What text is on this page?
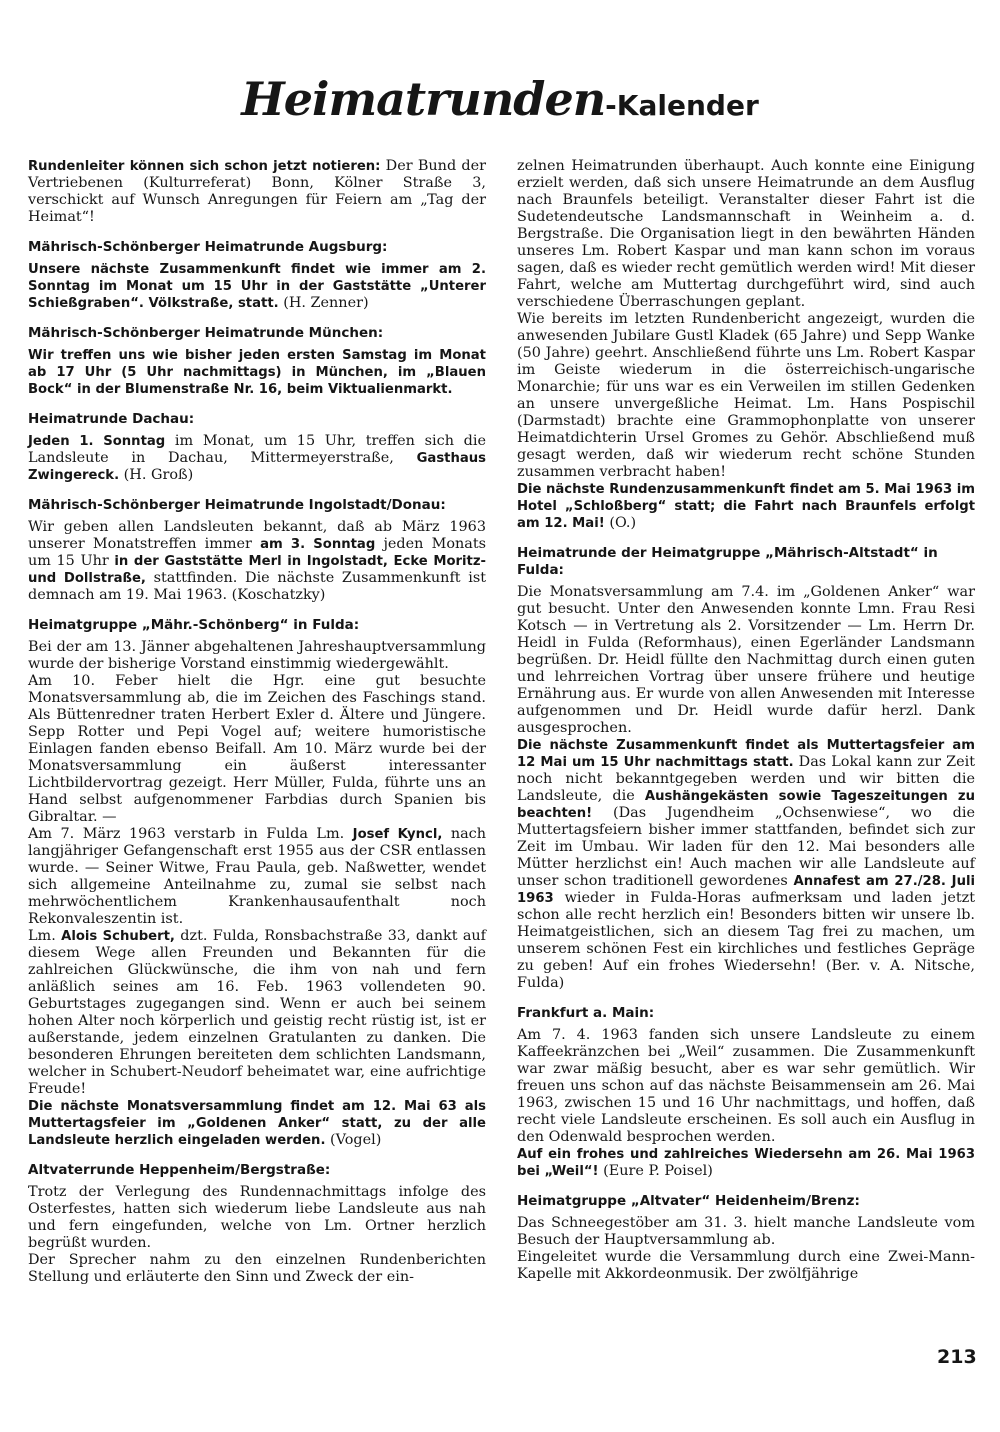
Heimatrunden-Kalender

Rundenleiter können sich schon jetzt notieren: Der Bund der Vertriebenen (Kulturreferat) Bonn, Kölner Straße 3, verschickt auf Wunsch Anregungen für Feiern am „Tag der Heimat“!

Mährisch-Schönberger Heimatrunde Augsburg:

Unsere nächste Zusammenkunft findet wie immer am 2. Sonntag im Monat um 15 Uhr in der Gaststätte „Unterer Schießgraben“. Völkstraße, statt. (H. Zenner)

Mährisch-Schönberger Heimatrunde München:

Wir treffen uns wie bisher jeden ersten Samstag im Monat ab 17 Uhr (5 Uhr nachmittags) in München, im „Blauen Bock“ in der Blumenstraße Nr. 16, beim Viktualienmarkt.

Heimatrunde Dachau:

Jeden 1. Sonntag im Monat, um 15 Uhr, treffen sich die Landsleute in Dachau, Mittermeyerstraße, Gasthaus Zwingereck. (H. Groß)

Mährisch-Schönberger Heimatrunde Ingolstadt/Donau:

Wir geben allen Landsleuten bekannt, daß ab März 1963 unserer Monatstreffen immer am 3. Sonntag jeden Monats um 15 Uhr in der Gaststätte Merl in Ingolstadt, Ecke Moritz- und Dollstraße, stattfinden. Die nächste Zusammenkunft ist demnach am 19. Mai 1963. (Koschatzky)

Heimatgruppe „Mähr.-Schönberg“ in Fulda:

Bei der am 13. Jänner abgehaltenen Jahreshauptversammlung wurde der bisherige Vorstand einstimmig wiedergewählt.

Am 10. Feber hielt die Hgr. eine gut besuchte Monatsversammlung ab, die im Zeichen des Faschings stand. Als Büttenredner traten Herbert Exler d. Ältere und Jüngere. Sepp Rotter und Pepi Vogel auf; weitere humoristische Einlagen fanden ebenso Beifall. Am 10. März wurde bei der Monatsversammlung ein äußerst interessanter Lichtbildervortrag gezeigt. Herr Müller, Fulda, führte uns an Hand selbst aufgenommener Farbdias durch Spanien bis Gibraltar. —

Am 7. März 1963 verstarb in Fulda Lm. Josef Kyncl, nach langjähriger Gefangenschaft erst 1955 aus der CSR entlassen wurde. — Seiner Witwe, Frau Paula, geb. Naßwetter, wendet sich allgemeine Anteilnahme zu, zumal sie selbst nach mehrwöchentlichem Krankenhausaufenthalt noch Rekonvaleszentin ist.

Lm. Alois Schubert, dzt. Fulda, Ronsbachstraße 33, dankt auf diesem Wege allen Freunden und Bekannten für die zahlreichen Glückwünsche, die ihm von nah und fern anläßlich seines am 16. Feb. 1963 vollendeten 90. Geburtstages zugegangen sind. Wenn er auch bei seinem hohen Alter noch körperlich und geistig recht rüstig ist, ist er außerstande, jedem einzelnen Gratulanten zu danken. Die besonderen Ehrungen bereiteten dem schlichten Landsmann, welcher in Schubert-Neudorf beheimatet war, eine aufrichtige Freude!

Die nächste Monatsversammlung findet am 12. Mai 63 als Muttertagsfeier im „Goldenen Anker“ statt, zu der alle Landsleute herzlich eingeladen werden. (Vogel)

Altvaterrunde Heppenheim/Bergstraße:

Trotz der Verlegung des Rundennachmittags infolge des Osterfestes, hatten sich wiederum liebe Landsleute aus nah und fern eingefunden, welche von Lm. Ortner herzlich begrüßt wurden.

Der Sprecher nahm zu den einzelnen Rundenberichten Stellung und erläuterte den Sinn und Zweck der ein-

zelnen Heimatrunden überhaupt. Auch konnte eine Einigung erzielt werden, daß sich unsere Heimatrunde an dem Ausflug nach Braunfels beteiligt. Veranstalter dieser Fahrt ist die Sudetendeutsche Landsmannschaft in Weinheim a. d. Bergstraße. Die Organisation liegt in den bewährten Händen unseres Lm. Robert Kaspar und man kann schon im voraus sagen, daß es wieder recht gemütlich werden wird! Mit dieser Fahrt, welche am Muttertag durchgeführt wird, sind auch verschiedene Überraschungen geplant.

Wie bereits im letzten Rundenbericht angezeigt, wurden die anwesenden Jubilare Gustl Kladek (65 Jahre) und Sepp Wanke (50 Jahre) geehrt. Anschließend führte uns Lm. Robert Kaspar im Geiste wiederum in die österreichisch-ungarische Monarchie; für uns war es ein Verweilen im stillen Gedenken an unsere unvergeßliche Heimat. Lm. Hans Pospischil (Darmstadt) brachte eine Grammophonplatte von unserer Heimatdichterin Ursel Gromes zu Gehör. Abschließend muß gesagt werden, daß wir wiederum recht schöne Stunden zusammen verbracht haben!

Die nächste Rundenzusammenkunft findet am 5. Mai 1963 im Hotel „Schloßberg“ statt; die Fahrt nach Braunfels erfolgt am 12. Mai! (O.)

Heimatrunde der Heimatgruppe „Mährisch-Altstadt“ in Fulda:

Die Monatsversammlung am 7.4. im „Goldenen Anker“ war gut besucht. Unter den Anwesenden konnte Lmn. Frau Resi Kotsch — in Vertretung als 2. Vorsitzender — Lm. Herrn Dr. Heidl in Fulda (Reformhaus), einen Egerländer Landsmann begrüßen. Dr. Heidl füllte den Nachmittag durch einen guten und lehrreichen Vortrag über unsere frühere und heutige Ernährung aus. Er wurde von allen Anwesenden mit Interesse aufgenommen und Dr. Heidl wurde dafür herzl. Dank ausgesprochen.

Die nächste Zusammenkunft findet als Muttertagsfeier am 12 Mai um 15 Uhr nachmittags statt. Das Lokal kann zur Zeit noch nicht bekanntgegeben werden und wir bitten die Landsleute, die Aushängekästen sowie Tageszeitungen zu beachten! (Das Jugendheim „Ochsenwiese“, wo die Muttertagsfeiern bisher immer stattfanden, befindet sich zur Zeit im Umbau. Wir laden für den 12. Mai besonders alle Mütter herzlichst ein! Auch machen wir alle Landsleute auf unser schon traditionell gewordenes Annafest am 27./28. Juli 1963 wieder in Fulda-Horas aufmerksam und laden jetzt schon alle recht herzlich ein! Besonders bitten wir unsere lb. Heimatgeistlichen, sich an diesem Tag frei zu machen, um unserem schönen Fest ein kirchliches und festliches Gepräge zu geben! Auf ein frohes Wiedersehn! (Ber. v. A. Nitsche, Fulda)

Frankfurt a. Main:

Am 7. 4. 1963 fanden sich unsere Landsleute zu einem Kaffeekränzchen bei „Weil“ zusammen. Die Zusammenkunft war zwar mäßig besucht, aber es war sehr gemütlich. Wir freuen uns schon auf das nächste Beisammensein am 26. Mai 1963, zwischen 15 und 16 Uhr nachmittags, und hoffen, daß recht viele Landsleute erscheinen. Es soll auch ein Ausflug in den Odenwald besprochen werden.

Auf ein frohes und zahlreiches Wiedersehn am 26. Mai 1963 bei „Weil“! (Eure P. Poisel)

Heimatgruppe „Altvater“ Heidenheim/Brenz:

Das Schneegestöber am 31. 3. hielt manche Landsleute vom Besuch der Hauptversammlung ab.

Eingeleitet wurde die Versammlung durch eine Zwei-Mann-Kapelle mit Akkordeonmusik. Der zwölfjährige

213
